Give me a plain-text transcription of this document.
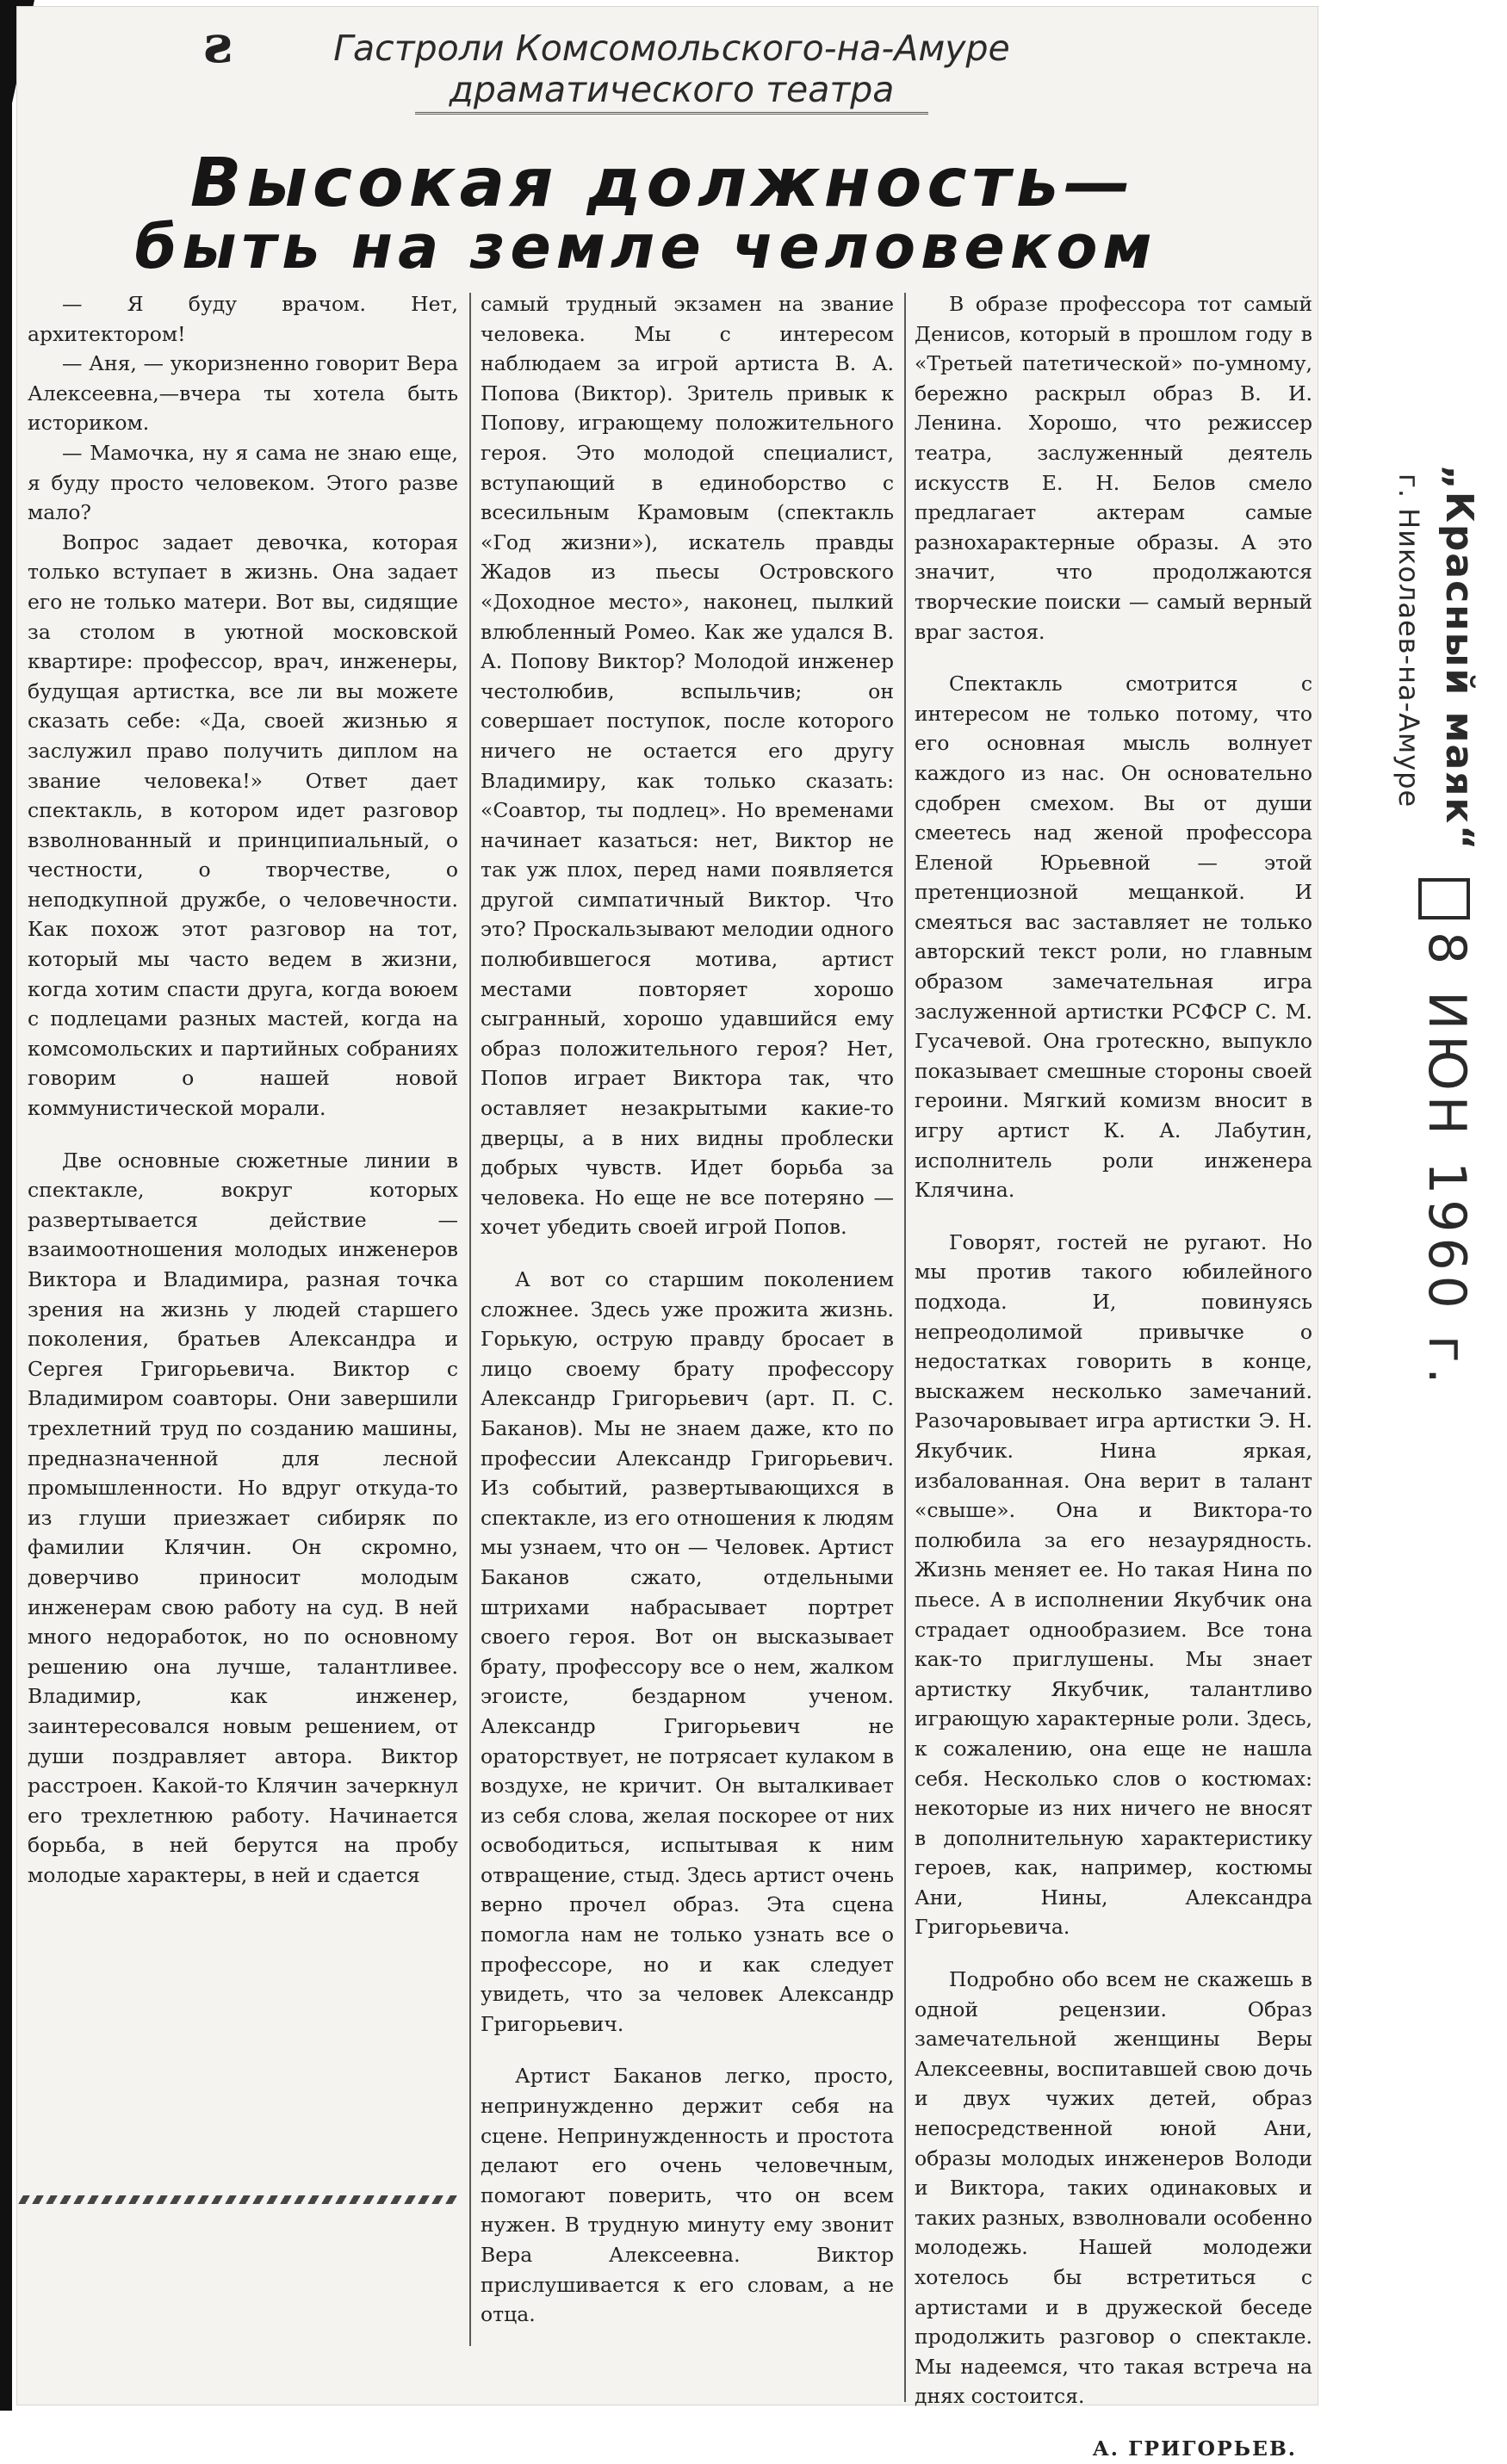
ƨ	Гастроли Комсомольского-на-Амуре
драматического театра
Высокая должность—
быть на земле человеком

— Я буду врачом. Нет, архитектором!

— Аня, — укоризненно говорит Вера Алексеевна,—вчера ты хотела быть историком.

— Мамочка, ну я сама не знаю еще, я буду просто человеком. Этого разве мало?

Вопрос задает девочка, которая только вступает в жизнь. Она задает его не только матери. Вот вы, сидящие за столом в уютной московской квартире: профессор, врач, инженеры, будущая артистка, все ли вы можете сказать себе: «Да, своей жизнью я заслужил право получить диплом на звание человека!» Ответ дает спектакль, в котором идет разговор взволнованный и принципиальный, о честности, о творчестве, о неподкупной дружбе, о человечности. Как похож этот разговор на тот, который мы часто ведем в жизни, когда хотим спасти друга, когда воюем с подлецами разных мастей, когда на комсомольских и партийных собраниях говорим о нашей новой коммунистической морали.

Две основные сюжетные линии в спектакле, вокруг которых развертывается действие — взаимоотношения молодых инженеров Виктора и Владимира, разная точка зрения на жизнь у людей старшего поколения, братьев Александра и Сергея Григорьевича. Виктор с Владимиром соавторы. Они завершили трехлетний труд по созданию машины, предназначенной для лесной промышленности. Но вдруг откуда-то из глуши приезжает сибиряк по фамилии Клячин. Он скромно, доверчиво приносит молодым инженерам свою работу на суд. В ней много недоработок, но по основному решению она лучше, талантливее. Владимир, как инженер, заинтересовался новым решением, от души поздравляет автора. Виктор расстроен. Какой-то Клячин зачеркнул его трехлетнюю работу. Начинается борьба, в ней берутся на пробу молодые характеры, в ней и сдается

самый трудный экзамен на звание человека. Мы с интересом наблюдаем за игрой артиста В. А. Попова (Виктор). Зритель привык к Попову, играющему положительного героя. Это молодой специалист, вступающий в единоборство с всесильным Крамовым (спектакль «Год жизни»), искатель правды Жадов из пьесы Островского «Доходное место», наконец, пылкий влюбленный Ромео. Как же удался В. А. Попову Виктор? Молодой инженер честолюбив, вспыльчив; он совершает поступок, после которого ничего не остается его другу Владимиру, как только сказать: «Соавтор, ты подлец». Но временами начинает казаться: нет, Виктор не так уж плох, перед нами появляется другой симпатичный Виктор. Что это? Проскальзывают мелодии одного полюбившегося мотива, артист местами повторяет хорошо сыгранный, хорошо удавшийся ему образ положительного героя? Нет, Попов играет Виктора так, что оставляет незакрытыми какие-то дверцы, а в них видны проблески добрых чувств. Идет борьба за человека. Но еще не все потеряно — хочет убедить своей игрой Попов.

А вот со старшим поколением сложнее. Здесь уже прожита жизнь. Горькую, острую правду бросает в лицо своему брату профессору Александр Григорьевич (арт. П. С. Баканов). Мы не знаем даже, кто по профессии Александр Григорьевич. Из событий, развертывающихся в спектакле, из его отношения к людям мы узнаем, что он — Человек. Артист Баканов сжато, отдельными штрихами набрасывает портрет своего героя. Вот он высказывает брату, профессору все о нем, жалком эгоисте, бездарном ученом. Александр Григорьевич не ораторствует, не потрясает кулаком в воздухе, не кричит. Он выталкивает из себя слова, желая поскорее от них освободиться, испытывая к ним отвращение, стыд. Здесь артист очень верно прочел образ. Эта сцена помогла нам не только узнать все о профессоре, но и как следует увидеть, что за человек Александр Григорьевич.

Артист Баканов легко, просто, непринужденно держит себя на сцене. Непринужденность и простота делают его очень человечным, помогают поверить, что он всем нужен. В трудную минуту ему звонит Вера Алексеевна. Виктор прислушивается к его словам, а не отца.

В образе профессора тот самый Денисов, который в прошлом году в «Третьей патетической» по-умному, бережно раскрыл образ В. И. Ленина. Хорошо, что режиссер театра, заслуженный деятель искусств Е. Н. Белов смело предлагает актерам самые разнохарактерные образы. А это значит, что продолжаются творческие поиски — самый верный враг застоя.

Спектакль смотрится с интересом не только потому, что его основная мысль волнует каждого из нас. Он основательно сдобрен смехом. Вы от души смеетесь над женой профессора Еленой Юрьевной — этой претенциозной мещанкой. И смеяться вас заставляет не только авторский текст роли, но главным образом замечательная игра заслуженной артистки РСФСР С. М. Гусачевой. Она гротескно, выпукло показывает смешные стороны своей героини. Мягкий комизм вносит в игру артист К. А. Лабутин, исполнитель роли инженера Клячина.

Говорят, гостей не ругают. Но мы против такого юбилейного подхода. И, повинуясь непреодолимой привычке о недостатках говорить в конце, выскажем несколько замечаний. Разочаровывает игра артистки Э. Н. Якубчик. Нина яркая, избалованная. Она верит в талант «свыше». Она и Виктора-то полюбила за его незаурядность. Жизнь меняет ее. Но такая Нина по пьесе. А в исполнении Якубчик она страдает однообразием. Все тона как-то приглушены. Мы знает артистку Якубчик, талантливо играющую характерные роли. Здесь, к сожалению, она еще не нашла себя. Несколько слов о костюмах: некоторые из них ничего не вносят в дополнительную характеристику героев, как, например, костюмы Ани, Нины, Александра Григорьевича.

Подробно обо всем не скажешь в одной рецензии. Образ замечательной женщины Веры Алексеевны, воспитавшей свою дочь и двух чужих детей, образ непосредственной юной Ани, образы молодых инженеров Володи и Виктора, таких одинаковых и таких разных, взволновали особенно молодежь. Нашей молодежи хотелось бы встретиться с артистами и в дружеской беседе продолжить разговор о спектакле. Мы надеемся, что такая встреча на днях состоится.

А. ГРИГОРЬЕВ.

„Красный маяк“
г. Николаев-на-Амуре
8 ИЮН 1960 г.
